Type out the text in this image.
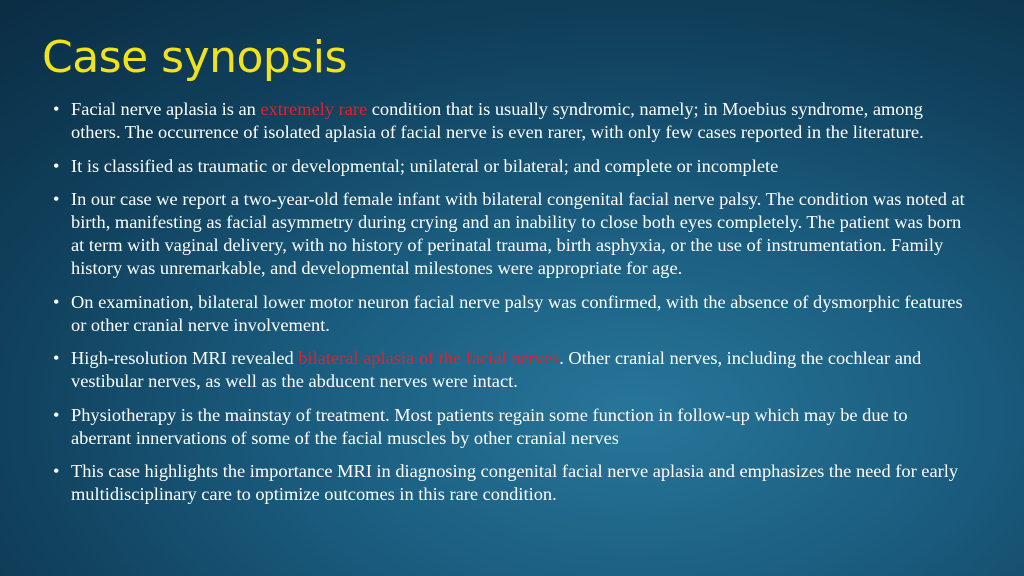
Case synopsis
• Facial nerve aplasia is an extremely rare condition that is usually syndromic, namely; in Moebius syndrome, among others. The occurrence of isolated aplasia of facial nerve is even rarer, with only few cases reported in the literature.
• It is classified as traumatic or developmental; unilateral or bilateral; and complete or incomplete
• In our case we report a two-year-old female infant with bilateral congenital facial nerve palsy. The condition was noted at birth, manifesting as facial asymmetry during crying and an inability to close both eyes completely. The patient was born at term with vaginal delivery, with no history of perinatal trauma, birth asphyxia, or the use of instrumentation. Family history was unremarkable, and developmental milestones were appropriate for age.
• On examination, bilateral lower motor neuron facial nerve palsy was confirmed, with the absence of dysmorphic features or other cranial nerve involvement.
• High-resolution MRI revealed bilateral aplasia of the facial nerves. Other cranial nerves, including the cochlear and vestibular nerves, as well as the abducent nerves were intact.
• Physiotherapy is the mainstay of treatment. Most patients regain some function in follow-up which may be due to aberrant innervations of some of the facial muscles by other cranial nerves
• This case highlights the importance MRI in diagnosing congenital facial nerve aplasia and emphasizes the need for early multidisciplinary care to optimize outcomes in this rare condition.
